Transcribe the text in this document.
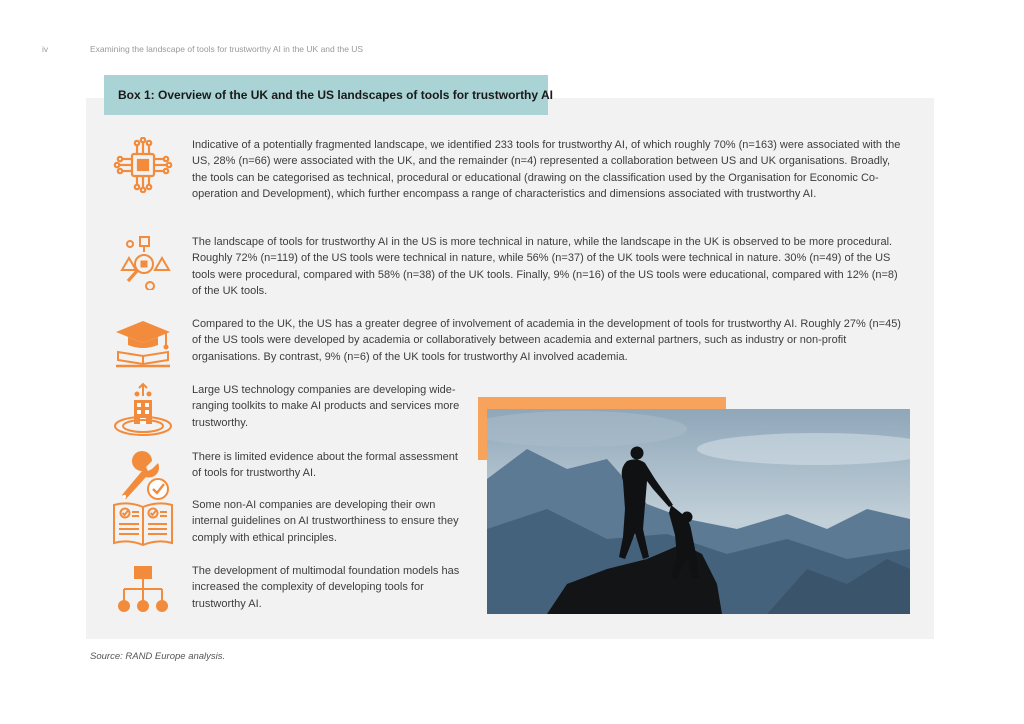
iv	Examining the landscape of tools for trustworthy AI in the UK and the US
Box 1: Overview of the UK and the US landscapes of tools for trustworthy AI
Indicative of a potentially fragmented landscape, we identified 233 tools for trustworthy AI, of which roughly 70% (n=163) were associated with the US, 28% (n=66) were associated with the UK, and the remainder (n=4) represented a collaboration between US and UK organisations. Broadly, the tools can be categorised as technical, procedural or educational (drawing on the classification used by the Organisation for Economic Co-operation and Development), which further encompass a range of characteristics and dimensions associated with trustworthy AI.
The landscape of tools for trustworthy AI in the US is more technical in nature, while the landscape in the UK is observed to be more procedural. Roughly 72% (n=119) of the US tools were technical in nature, while 56% (n=37) of the UK tools were technical in nature. 30% (n=49) of the US tools were procedural, compared with 58% (n=38) of the UK tools. Finally, 9% (n=16) of the US tools were educational, compared with 12% (n=8) of the UK tools.
Compared to the UK, the US has a greater degree of involvement of academia in the development of tools for trustworthy AI. Roughly 27% (n=45) of the US tools were developed by academia or collaboratively between academia and external partners, such as industry or non-profit organisations. By contrast, 9% (n=6) of the UK tools for trustworthy AI involved academia.
Large US technology companies are developing wide-ranging toolkits to make AI products and services more trustworthy.
There is limited evidence about the formal assessment of tools for trustworthy AI.
Some non-AI companies are developing their own internal guidelines on AI trustworthiness to ensure they comply with ethical principles.
The development of multimodal foundation models has increased the complexity of developing tools for trustworthy AI.
Source: RAND Europe analysis.
